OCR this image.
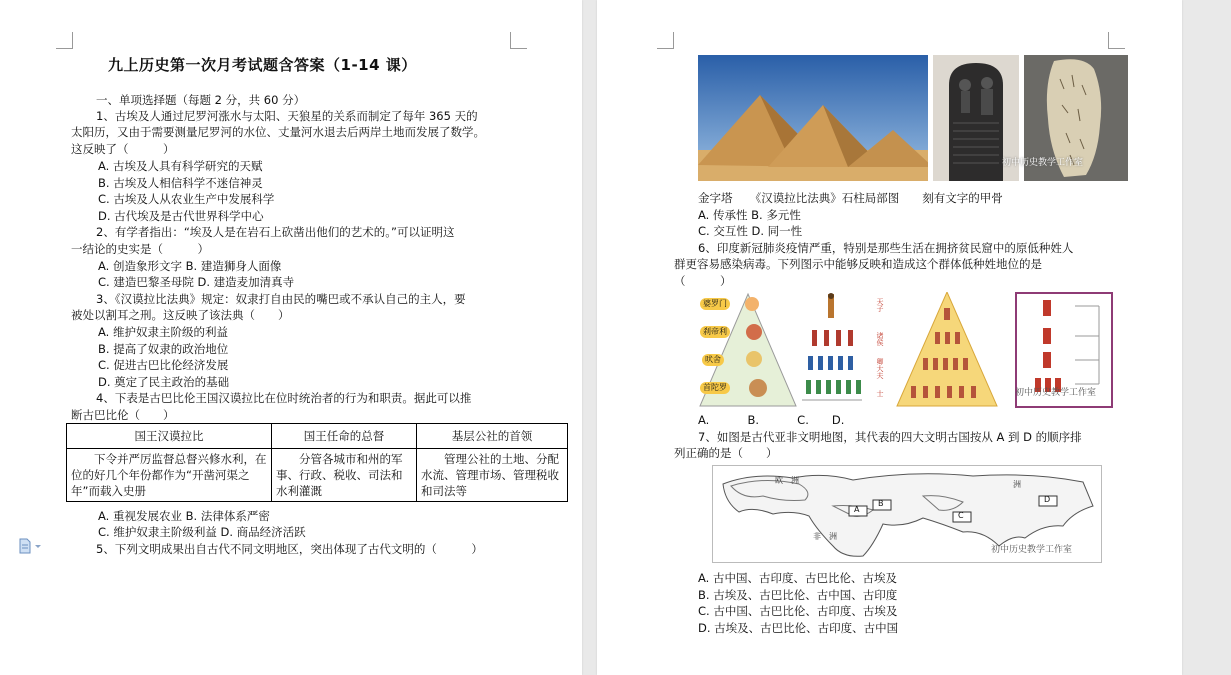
九上历史第一次月考试题含答案（1-14 课）
一、单项选择题（每题 2 分，共 60 分）
1、古埃及人通过尼罗河涨水与太阳、天狼星的关系而制定了每年 365 天的
太阳历，又由于需要测量尼罗河的水位、丈量河水退去后两岸土地而发展了数学。
这反映了（　　　）
A. 古埃及人具有科学研究的天赋
B. 古埃及人相信科学不迷信神灵
C. 古埃及人从农业生产中发展科学
D. 古代埃及是古代世界科学中心
2、有学者指出：“埃及人是在岩石上砍凿出他们的艺术的。”可以证明这
一结论的史实是（　　　）
A. 创造象形文字 B. 建造狮身人面像
C. 建造巴黎圣母院 D. 建造麦加清真寺
3、《汉谟拉比法典》规定：奴隶打自由民的嘴巴或不承认自己的主人，要
被处以割耳之刑。这反映了该法典（　　）
A. 维护奴隶主阶级的利益
B. 提高了奴隶的政治地位
C. 促进古巴比伦经济发展
D. 奠定了民主政治的基础
4、下表是古巴比伦王国汉谟拉比在位时统治者的行为和职责。据此可以推
断古巴比伦（　　）
国王汉谟拉比	国王任命的总督	基层公社的首领
下令并严厉监督总督兴修水利，在位的好几个年份都作为“开凿河渠之年”而载入史册	分管各城市和州的军事、行政、税收、司法和水利灌溉	管理公社的土地、分配水流、管理市场、管理税收和司法等
A. 重视发展农业 B. 法律体系严密
C. 维护奴隶主阶级利益 D. 商品经济活跃
5、下列文明成果出自古代不同文明地区，突出体现了古代文明的（　　　）
初中历史教学工作室
金字塔　　《汉谟拉比法典》石柱局部图　　刻有文字的甲骨
A. 传承性 B. 多元性
C. 交互性 D. 同一性
6、印度新冠肺炎疫情严重，特别是那些生活在拥挤贫民窟中的原低种姓人
群更容易感染病毒。下列图示中能够反映和造成这个群体低种姓地位的是
（　　　）
婆罗门
刹帝利
吠舍
首陀罗
天子
诸侯
卿大夫
士	初中历史教学工作室
A.　　　 B.　　　 C.　　D.
7、如图是古代亚非文明地图，其代表的四大文明古国按从 A 到 D 的顺序排
列正确的是（　　）
欧　洲	洲
非　洲
A
B
C
D
初中历史教学工作室
A. 古中国、古印度、古巴比伦、古埃及
B. 古埃及、古巴比伦、古中国、古印度
C. 古中国、古巴比伦、古印度、古埃及
D. 古埃及、古巴比伦、古印度、古中国
